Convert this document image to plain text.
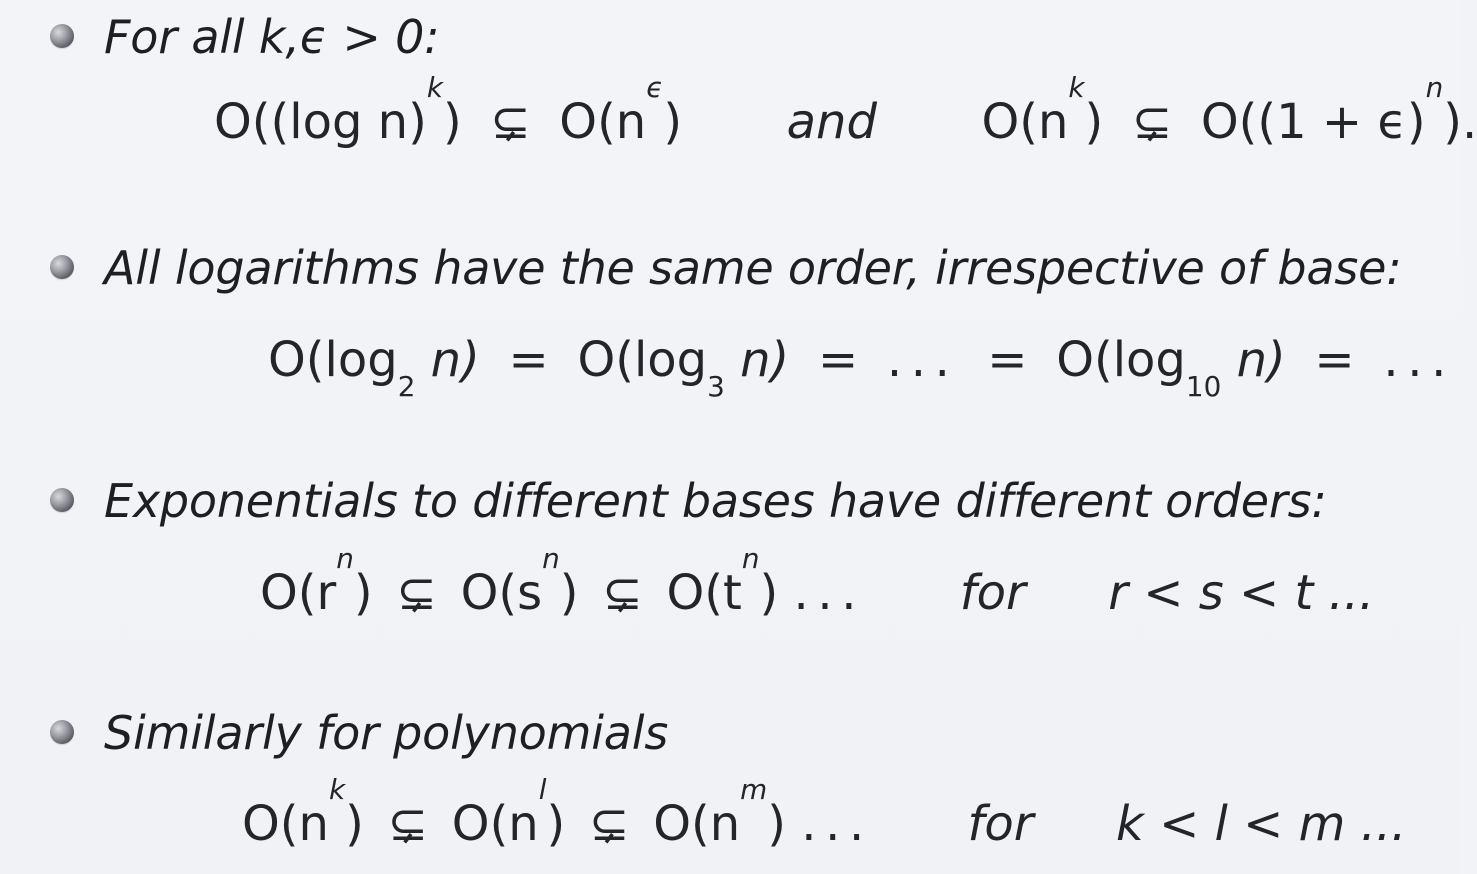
For all k,ϵ > 0:
O((log n)$^k$) ⊊ $O(n^\epsilon)$ and $O(n^k)$ ⊊ $O((1 + \epsilon)^n)$.
All logarithms have the same order, irrespective of base:
$O(\log_2$ $n) = O(\log_3$ n) = ... = $O(\log_{10}$ n) = ...
Exponentials to different bases have different orders:
$O(r^n)$ ⊊ $O(s^n)$ ⊊ $O(t^n)$ ... for r < s < t ...
Similarly for polynomials
$O(n^k)$ ⊊ $O(n^l)$ ⊊ $O(n^m)$ ... for k < l < m ...
